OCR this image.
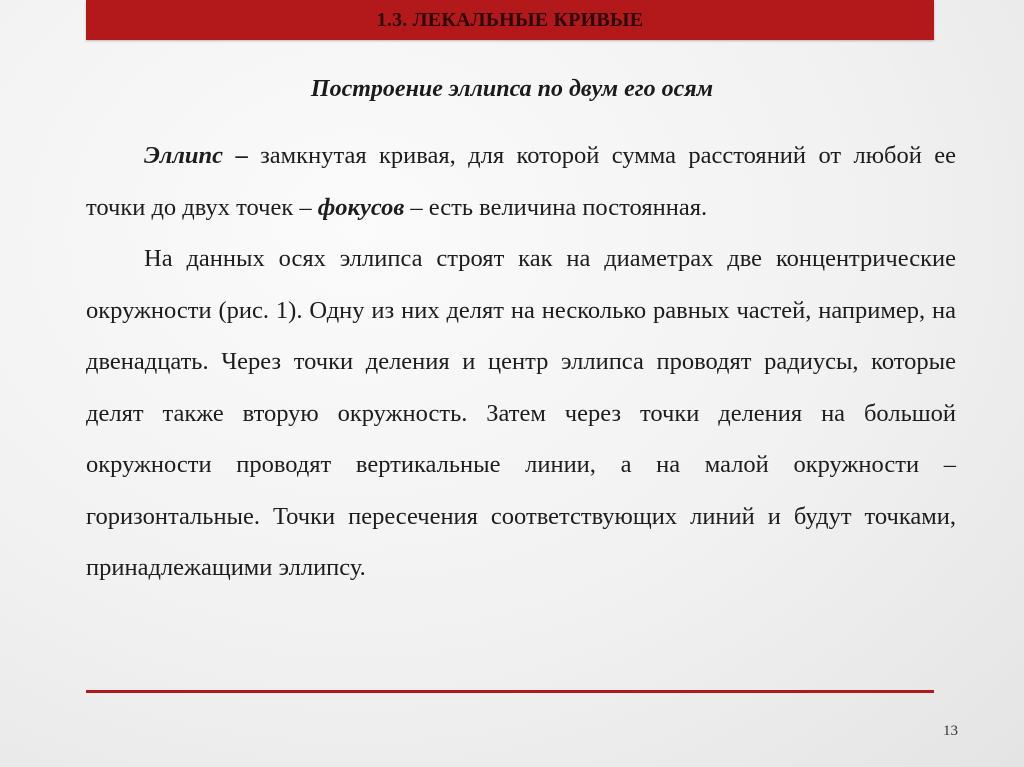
1.3. ЛЕКАЛЬНЫЕ КРИВЫЕ
Построение эллипса по двум его осям

Эллипс – замкнутая кривая, для которой сумма расстояний от любой ее точки до двух точек – фокусов – есть величина постоянная.

На данных осях эллипса строят как на диаметрах две концентрические окружности (рис. 1). Одну из них делят на несколько равных частей, например, на двенадцать. Через точки деления и центр эллипса проводят радиусы, которые делят также вторую окружность. Затем через точки деления на большой окружности проводят вертикальные линии, а на малой окружности – горизонтальные. Точки пересечения соответствующих линий и будут точками, принадлежащими эллипсу.

13
